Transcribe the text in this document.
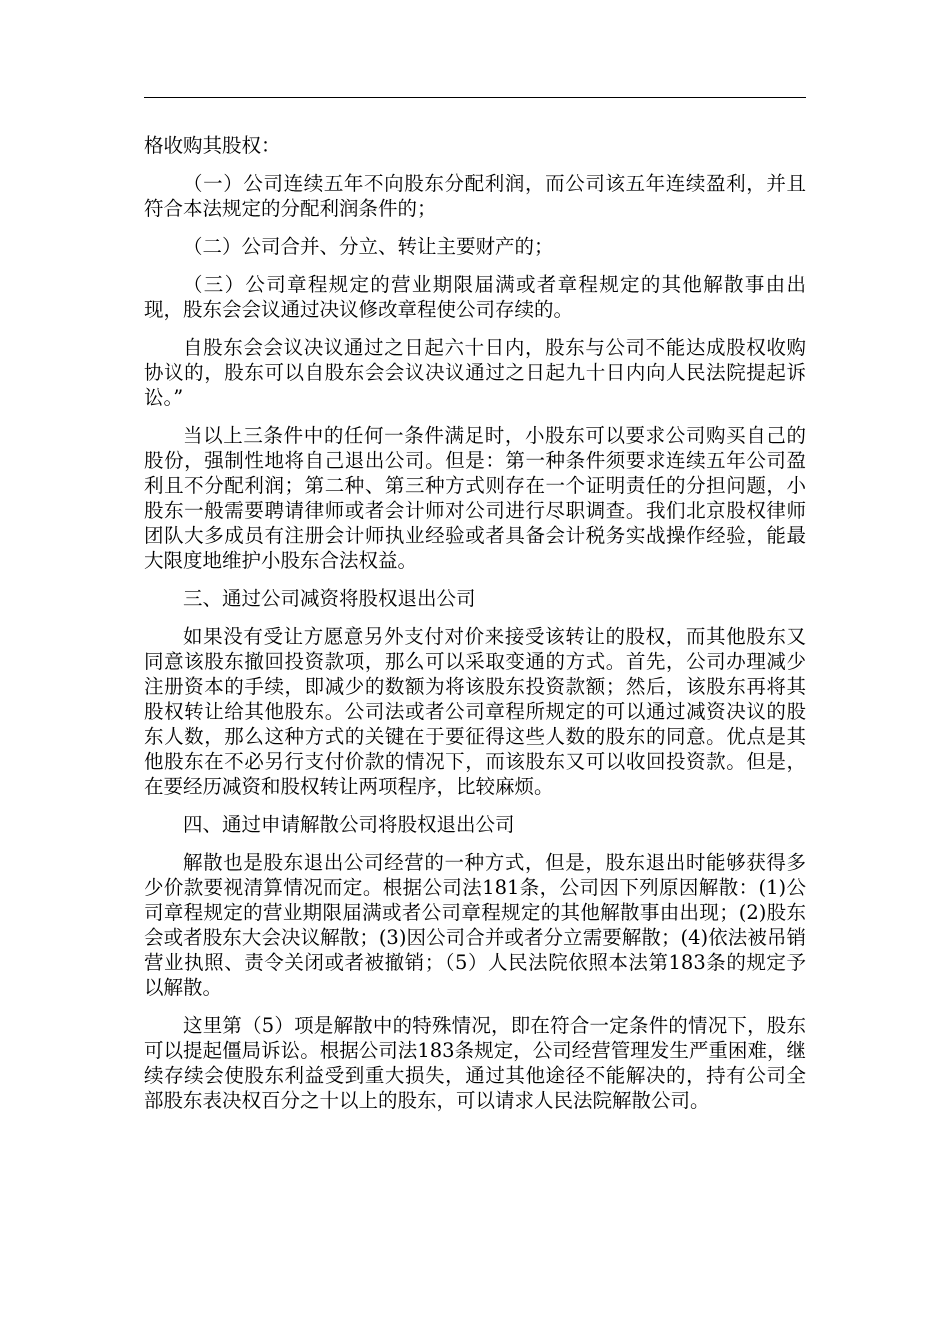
格收购其股权：

（一）公司连续五年不向股东分配利润，而公司该五年连续盈利，并且符合本法规定的分配利润条件的；

（二）公司合并、分立、转让主要财产的；

（三）公司章程规定的营业期限届满或者章程规定的其他解散事由出现，股东会会议通过决议修改章程使公司存续的。

自股东会会议决议通过之日起六十日内，股东与公司不能达成股权收购协议的，股东可以自股东会会议决议通过之日起九十日内向人民法院提起诉讼。”

当以上三条件中的任何一条件满足时，小股东可以要求公司购买自己的股份，强制性地将自己退出公司。但是：第一种条件须要求连续五年公司盈利且不分配利润；第二种、第三种方式则存在一个证明责任的分担问题，小股东一般需要聘请律师或者会计师对公司进行尽职调查。我们北京股权律师团队大多成员有注册会计师执业经验或者具备会计税务实战操作经验，能最大限度地维护小股东合法权益。

三、通过公司减资将股权退出公司

如果没有受让方愿意另外支付对价来接受该转让的股权，而其他股东又同意该股东撤回投资款项，那么可以采取变通的方式。首先，公司办理减少注册资本的手续，即减少的数额为将该股东投资款额；然后，该股东再将其股权转让给其他股东。公司法或者公司章程所规定的可以通过减资决议的股东人数，那么这种方式的关键在于要征得这些人数的股东的同意。优点是其他股东在不必另行支付价款的情况下，而该股东又可以收回投资款。但是，在要经历减资和股权转让两项程序，比较麻烦。

四、通过申请解散公司将股权退出公司

解散也是股东退出公司经营的一种方式，但是，股东退出时能够获得多少价款要视清算情况而定。根据公司法181条，公司因下列原因解散：(1)公司章程规定的营业期限届满或者公司章程规定的其他解散事由出现；(2)股东会或者股东大会决议解散；(3)因公司合并或者分立需要解散；(4)依法被吊销营业执照、责令关闭或者被撤销；（5）人民法院依照本法第183条的规定予以解散。

这里第（5）项是解散中的特殊情况，即在符合一定条件的情况下，股东可以提起僵局诉讼。根据公司法183条规定，公司经营管理发生严重困难，继续存续会使股东利益受到重大损失，通过其他途径不能解决的，持有公司全部股东表决权百分之十以上的股东，可以请求人民法院解散公司。
